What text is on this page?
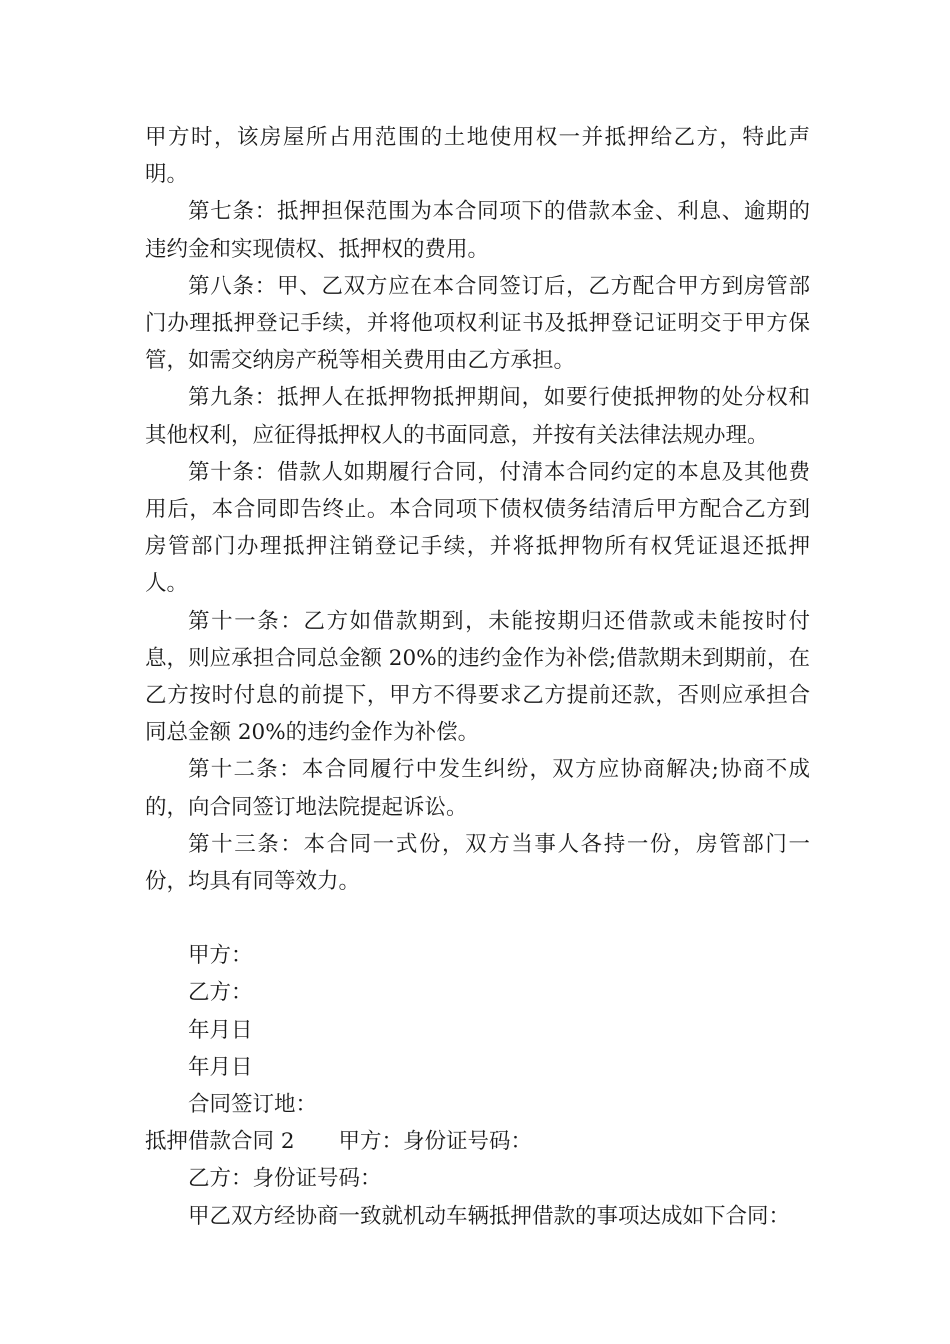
甲方时，该房屋所占用范围的土地使用权一并抵押给乙方，特此声明。

第七条：抵押担保范围为本合同项下的借款本金、利息、逾期的违约金和实现债权、抵押权的费用。

第八条：甲、乙双方应在本合同签订后，乙方配合甲方到房管部门办理抵押登记手续，并将他项权利证书及抵押登记证明交于甲方保管，如需交纳房产税等相关费用由乙方承担。

第九条：抵押人在抵押物抵押期间，如要行使抵押物的处分权和其他权利，应征得抵押权人的书面同意，并按有关法律法规办理。

第十条：借款人如期履行合同，付清本合同约定的本息及其他费用后，本合同即告终止。本合同项下债权债务结清后甲方配合乙方到房管部门办理抵押注销登记手续，并将抵押物所有权凭证退还抵押人。

第十一条：乙方如借款期到，未能按期归还借款或未能按时付息，则应承担合同总金额 20%的违约金作为补偿;借款期未到期前，在乙方按时付息的前提下，甲方不得要求乙方提前还款，否则应承担合同总金额 20%的违约金作为补偿。

第十二条：本合同履行中发生纠纷，双方应协商解决;协商不成的，向合同签订地法院提起诉讼。

第十三条：本合同一式份，双方当事人各持一份，房管部门一份，均具有同等效力。

甲方：

乙方：

年月日

年月日

合同签订地：

抵押借款合同 2 甲方：身份证号码：

乙方：身份证号码：

甲乙双方经协商一致就机动车辆抵押借款的事项达成如下合同：
